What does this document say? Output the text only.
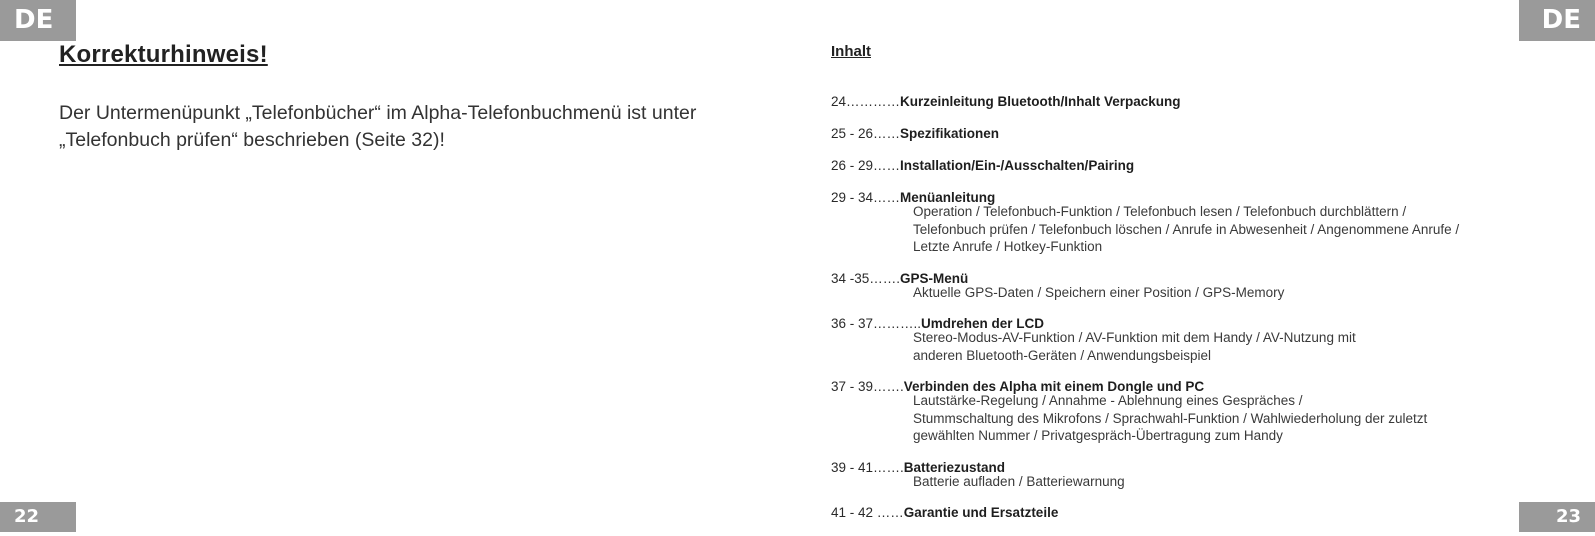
DE	DE
Korrekturhinweis!

Der Untermenüpunkt „Telefonbücher“ im Alpha-Telefonbuchmenü ist unter
„Telefonbuch prüfen“ beschrieben (Seite 32)!

Inhalt
24…………Kurzeinleitung Bluetooth/Inhalt Verpackung
25 - 26……Spezifikationen
26 - 29……Installation/Ein-/Ausschalten/Pairing
29 - 34……Menüanleitung
Operation / Telefonbuch-Funktion / Telefonbuch lesen / Telefonbuch durchblättern /
Telefonbuch prüfen / Telefonbuch löschen / Anrufe in Abwesenheit / Angenommene Anrufe /
Letzte Anrufe / Hotkey-Funktion
34 -35…….GPS-Menü
Aktuelle GPS-Daten / Speichern einer Position / GPS-Memory
36 - 37………..Umdrehen der LCD
Stereo-Modus-AV-Funktion / AV-Funktion mit dem Handy / AV-Nutzung mit
anderen Bluetooth-Geräten / Anwendungsbeispiel
37 - 39…….Verbinden des Alpha mit einem Dongle und PC
Lautstärke-Regelung / Annahme - Ablehnung eines Gespräches /
Stummschaltung des Mikrofons / Sprachwahl-Funktion / Wahlwiederholung der zuletzt
gewählten Nummer / Privatgespräch-Übertragung zum Handy
39 - 41…….Batteriezustand
Batterie aufladen / Batteriewarnung
41 - 42 ……Garantie und Ersatzteile
22	23
